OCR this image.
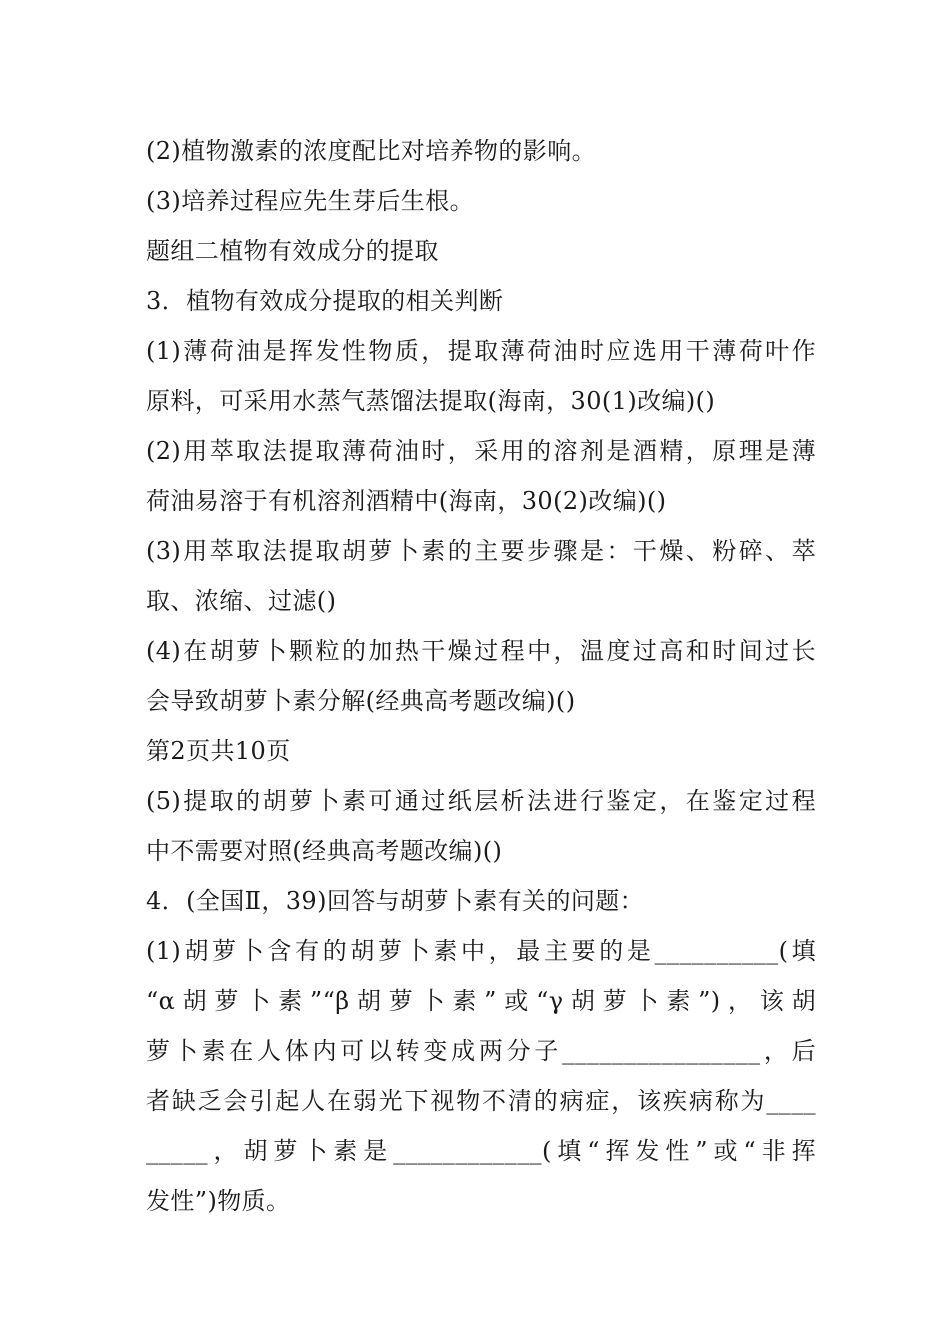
(2)植物激素的浓度配比对培养物的影响。
(3)培养过程应先生芽后生根。
题组二植物有效成分的提取
3．植物有效成分提取的相关判断
(1)薄荷油是挥发性物质，提取薄荷油时应选用干薄荷叶作
原料，可采用水蒸气蒸馏法提取(海南，30(1)改编)()
(2)用萃取法提取薄荷油时，采用的溶剂是酒精，原理是薄
荷油易溶于有机溶剂酒精中(海南，30(2)改编)()
(3)用萃取法提取胡萝卜素的主要步骤是：干燥、粉碎、萃
取、浓缩、过滤()
(4)在胡萝卜颗粒的加热干燥过程中，温度过高和时间过长
会导致胡萝卜素分解(经典高考题改编)()
第2页共10页
(5)提取的胡萝卜素可通过纸层析法进行鉴定，在鉴定过程
中不需要对照(经典高考题改编)()
4．(全国Ⅱ，39)回答与胡萝卜素有关的问题：
(1)胡萝卜含有的胡萝卜素中，最主要的是__________(填
“α胡萝卜素”“β胡萝卜素”或“γ胡萝卜素”)，该胡
萝卜素在人体内可以转变成两分子________________，后
者缺乏会引起人在弱光下视物不清的病症，该疾病称为____
_____，胡萝卜素是____________(填“挥发性”或“非挥
发性”)物质。
